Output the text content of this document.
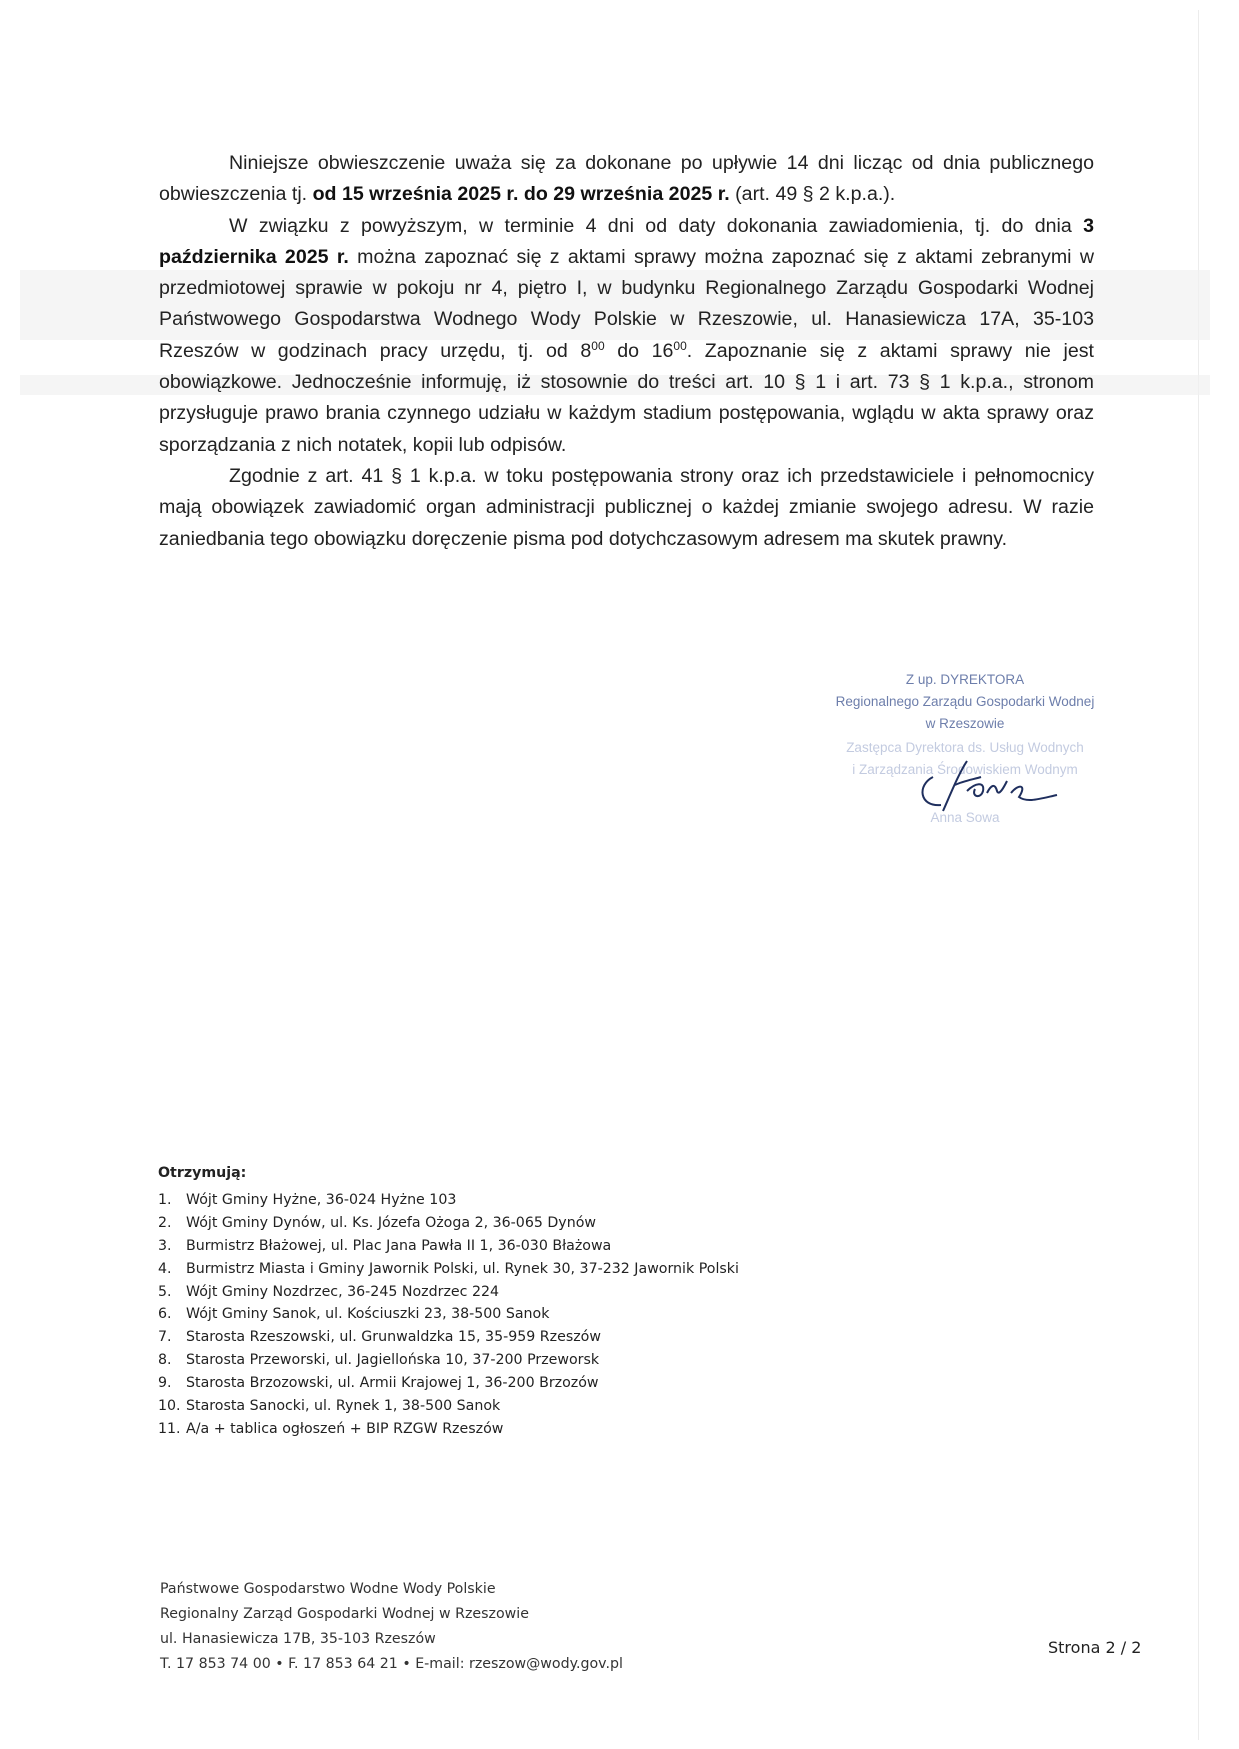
Niniejsze obwieszczenie uważa się za dokonane po upływie 14 dni licząc od dnia publicznego obwieszczenia tj. od 15 września 2025 r. do 29 września 2025 r. (art. 49 § 2 k.p.a.).

W związku z powyższym, w terminie 4 dni od daty dokonania zawiadomienia, tj. do dnia 3 października 2025 r. można zapoznać się z aktami sprawy można zapoznać się z aktami zebranymi w przedmiotowej sprawie w pokoju nr 4, piętro I, w budynku Regionalnego Zarządu Gospodarki Wodnej Państwowego Gospodarstwa Wodnego Wody Polskie w Rzeszowie, ul. Hanasiewicza 17A, 35-103 Rzeszów w godzinach pracy urzędu, tj. od $8^{00}$ do $16^{00}$. Zapoznanie się z aktami sprawy nie jest obowiązkowe. Jednocześnie informuję, iż stosownie do treści art. 10 § 1 i art. 73 § 1 k.p.a., stronom przysługuje prawo brania czynnego udziału w każdym stadium postępowania, wglądu w akta sprawy oraz sporządzania z nich notatek, kopii lub odpisów.

Zgodnie z art. 41 § 1 k.p.a. w toku postępowania strony oraz ich przedstawiciele i pełnomocnicy mają obowiązek zawiadomić organ administracji publicznej o każdej zmianie swojego adresu. W razie zaniedbania tego obowiązku doręczenie pisma pod dotychczasowym adresem ma skutek prawny.

Z up. DYREKTORA
Regionalnego Zarządu Gospodarki Wodnej
w Rzeszowie
Zastępca Dyrektora ds. Usług Wodnych
i Zarządzania Środowiskiem Wodnym
Anna Sowa
Otrzymują:
1. Wójt Gminy Hyżne, 36-024 Hyżne 103
2. Wójt Gminy Dynów, ul. Ks. Józefa Ożoga 2, 36-065 Dynów
3. Burmistrz Błażowej, ul. Plac Jana Pawła II 1, 36-030 Błażowa
4. Burmistrz Miasta i Gminy Jawornik Polski, ul. Rynek 30, 37-232 Jawornik Polski
5. Wójt Gminy Nozdrzec, 36-245 Nozdrzec 224
6. Wójt Gminy Sanok, ul. Kościuszki 23, 38-500 Sanok
7. Starosta Rzeszowski, ul. Grunwaldzka 15, 35-959 Rzeszów
8. Starosta Przeworski, ul. Jagiellońska 10, 37-200 Przeworsk
9. Starosta Brzozowski, ul. Armii Krajowej 1, 36-200 Brzozów
10. Starosta Sanocki, ul. Rynek 1, 38-500 Sanok
11. A/a + tablica ogłoszeń + BIP RZGW Rzeszów
Państwowe Gospodarstwo Wodne Wody Polskie
Regionalny Zarząd Gospodarki Wodnej w Rzeszowie
ul. Hanasiewicza 17B, 35-103 Rzeszów
T. 17 853 74 00 • F. 17 853 64 21 • E-mail: rzeszow@wody.gov.pl
Strona 2 / 2
